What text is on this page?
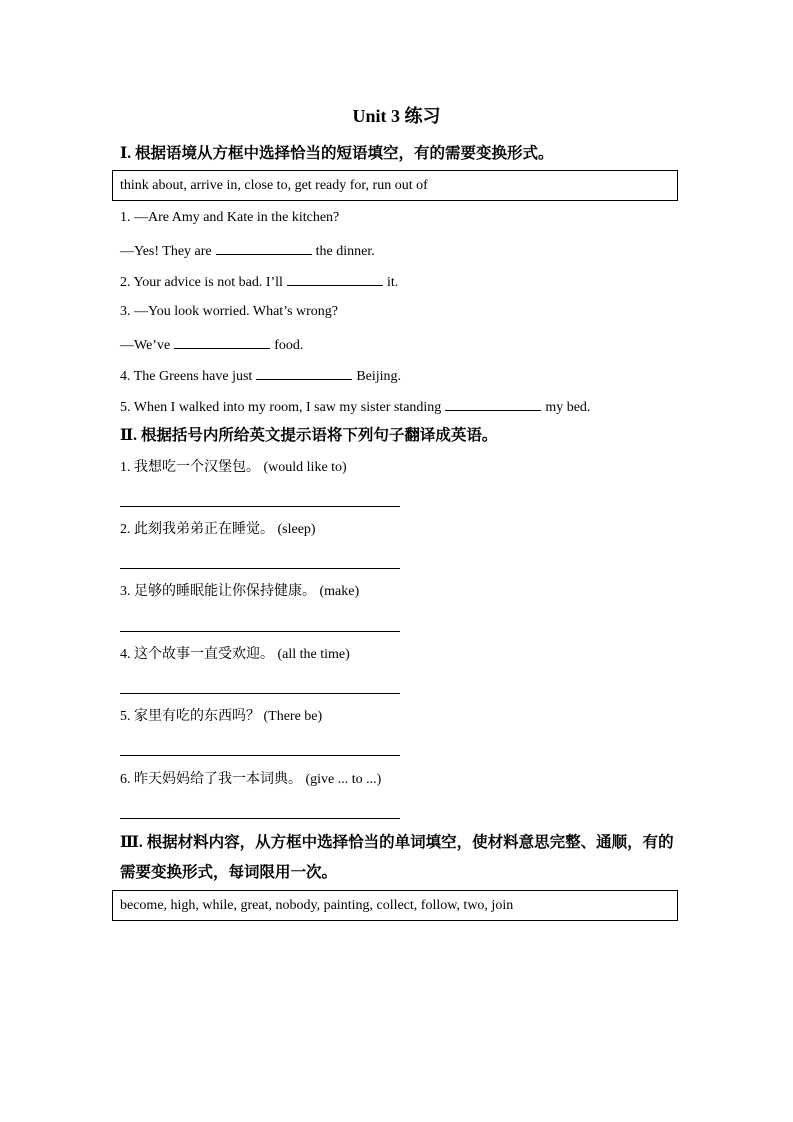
Unit 3 练习
Ⅰ. 根据语境从方框中选择恰当的短语填空，有的需要变换形式。
think about, arrive in, close to, get ready for, run out of
1. —Are Amy and Kate in the kitchen?
—Yes! They are	the dinner.
2. Your advice is not bad. I’ll	it.
3. —You look worried. What’s wrong?
—We’ve	food.
4. The Greens have just	Beijing.
5. When I walked into my room, I saw my sister standing	my bed.
Ⅱ. 根据括号内所给英文提示语将下列句子翻译成英语。
1. 我想吃一个汉堡包。 (would like to)
2. 此刻我弟弟正在睡觉。 (sleep)
3. 足够的睡眠能让你保持健康。 (make)
4. 这个故事一直受欢迎。 (all the time)
5. 家里有吃的东西吗？ (There be)
6. 昨天妈妈给了我一本词典。 (give ... to ...)
Ⅲ. 根据材料内容，从方框中选择恰当的单词填空，使材料意思完整、通顺，有的需要变换形式，每词限用一次。
become, high, while, great, nobody, painting, collect, follow, two, join
